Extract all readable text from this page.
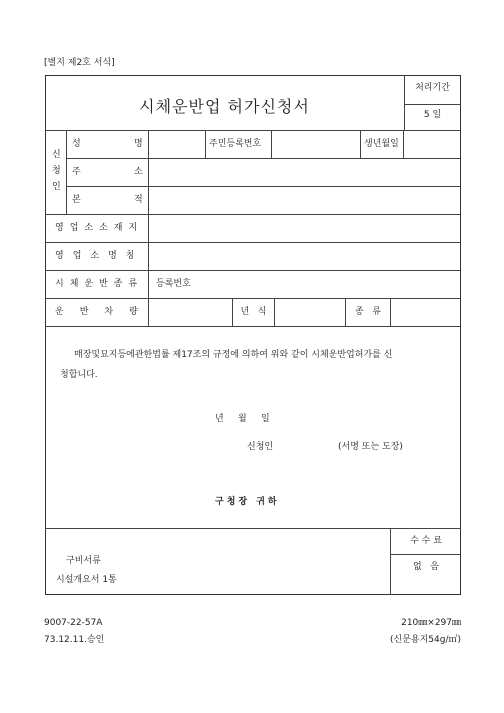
[별지 제2호 서식]
시체운반업 허가신청서
처리기간
5 일
신
청
인
성	명	주민등록번호	생년월일
주	소
본	적
영업소소재지
영업소명칭
시체운반종류 등록번호
운반차량	년   식	종   류
매장및묘지등에관한법률 제17조의 규정에 의하여 위와 같이 시체운반업허가를 신
청합니다.
년     월     일
신청인	(서명 또는 도장)
구청장 귀하
구비서류
시설개요서 1통
수 수 료
없   음
9007-22-57A
73.12.11.승인
210㎜×297㎜
(신문용지54g/㎡)
